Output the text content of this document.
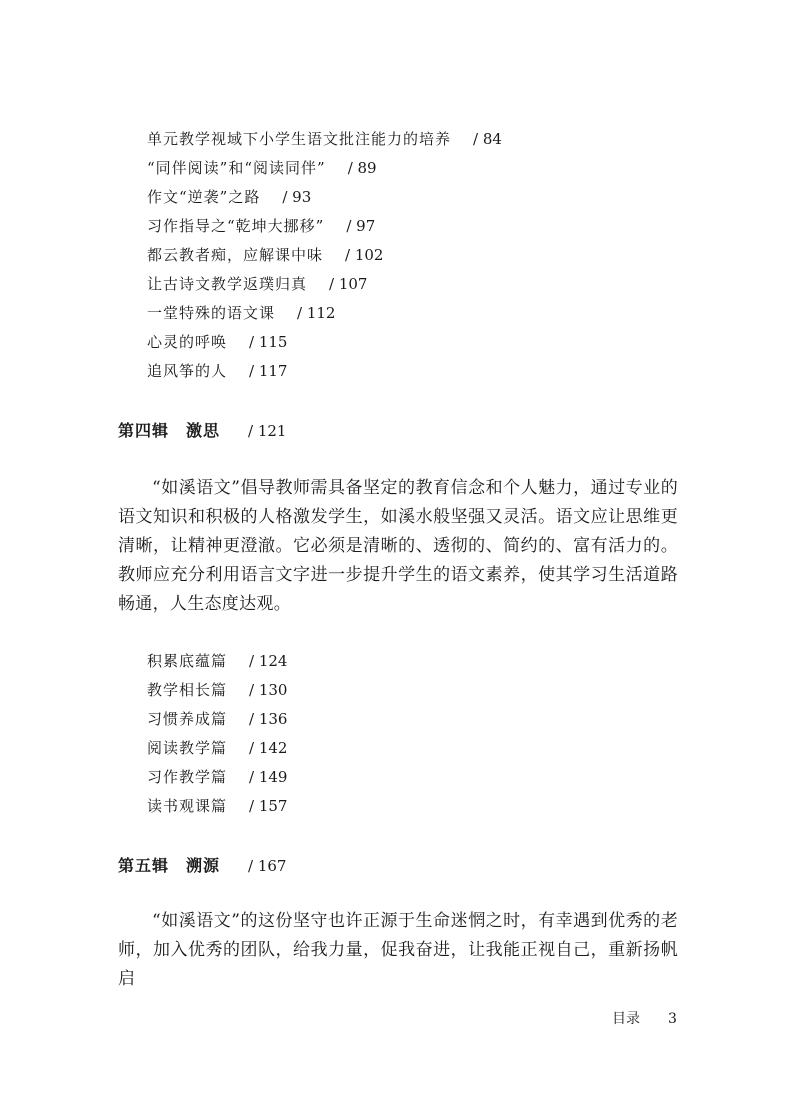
单元教学视域下小学生语文批注能力的培养 / 84
“同伴阅读”和“阅读同伴” / 89
作文“逆袭”之路 / 93
习作指导之“乾坤大挪移” / 97
都云教者痴，应解课中味 / 102
让古诗文教学返璞归真 / 107
一堂特殊的语文课 / 112
心灵的呼唤 / 115
追风筝的人 / 117
第四辑　激思 / 121

“如溪语文”倡导教师需具备坚定的教育信念和个人魅力，通过专业的语文知识和积极的人格激发学生，如溪水般坚强又灵活。语文应让思维更清晰，让精神更澄澈。它必须是清晰的、透彻的、简约的、富有活力的。教师应充分利用语言文字进一步提升学生的语文素养，使其学习生活道路畅通，人生态度达观。

积累底蕴篇 / 124
教学相长篇 / 130
习惯养成篇 / 136
阅读教学篇 / 142
习作教学篇 / 149
读书观课篇 / 157
第五辑　溯源 / 167

“如溪语文”的这份坚守也许正源于生命迷惘之时，有幸遇到优秀的老师，加入优秀的团队，给我力量，促我奋进，让我能正视自己，重新扬帆启

目录 3
